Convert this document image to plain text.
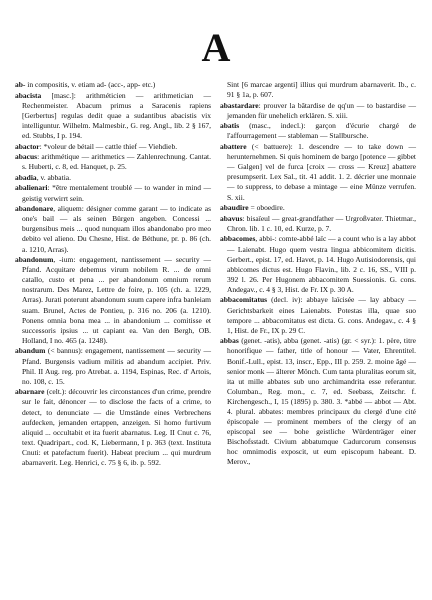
A

ab- in compositis, v. etiam ad- (acc-, app- etc.)

abacista [masc.]: arithméticien — arithmetician — Rechenmeister. Abacum primus a Saracenis rapiens [Gerbertus] regulas dedit quae a sudantibus abacistis vix intelliguntur. Wilhelm. Malmesbir., G. reg. Angl., lib. 2 § 167, ed. Stubbs, I p. 194.

abactor: *voleur de bétail — cattle thief — Viehdieb.

abacus: arithmétique — arithmetics — Zahlenrechnung. Cantat. s. Huberti, c. 8, ed. Hanquet, p. 25.

abadia, v. abbatia.

abalienari: *être mentalement troublé — to wander in mind — geistig verwirrt sein.

abandonare, aliquem: désigner comme garant — to indicate as one's bail — als seinen Bürgen angeben. Concessi ... burgensibus meis ... quod nunquam illos abandonabo pro meo debito vel alieno. Du Chesne, Hist. de Béthune, pr. p. 86 (ch. a. 1210, Arras).

abandonum, -ium: engagement, nantissement — security — Pfand. Acquitare debemus virum nobilem R. ... de omni catallo, custo et pena ... per abandonum omnium rerum nostrarum. Des Marez, Lettre de foire, p. 105 (ch. a. 1229, Arras). Jurati poterunt abandonum suum capere infra banleiam suam. Brunel, Actes de Pontieu, p. 316 no. 206 (a. 1210). Ponens omnia bona mea ... in abandonium ... comitisse et successoris ipsius ... ut capiant ea. Van den Bergh, OB. Holland, I no. 465 (a. 1248).

abandum (< bannus): engagement, nantissement — security — Pfand. Burgensis vadium militis ad abandum accipiet. Priv. Phil. II Aug. reg. pro Atrebat. a. 1194, Espinas, Rec. d' Artois, no. 108, c. 15.

abarnare (celt.): découvrir les circonstances d'un crime, prendre sur le fait, dénoncer — to disclose the facts of a crime, to detect, to denunciate — die Umstände eines Verbrechens aufdecken, jemanden ertappen, anzeigen. Si homo furtivum aliquid ... occultabit et ita fuerit abarnatus. Leg. II Cnut c. 76, text. Quadripart., cod. K, Liebermann, I p. 363 (text. Instituta Cnuti: et patefactum fuerit). Habeat precium ... qui murdrum abarnaverit. Leg. Henrici, c. 75 § 6, ib. p. 592.

Sint [6 marcae argenti] illius qui murdrum abarnaverit. Ib., c. 91 § 1a, p. 607.

abastardare: prouver la bâtardise de qq'un — to bastardise — jemanden für unehelich erklären. S. xiii.

abatis (masc., indecl.): garçon d'écurie chargé de l'affourragement — stableman — Stallbursche.

abattere (< battuere): 1. descendre — to take down — herunternehmen. Si quis hominem de bargo [potence — gibbet — Galgen] vel de furca [croix — cross — Kreuz] abattere presumpserit. Lex Sal., tit. 41 addit. 1. 2. décrier une monnaie — to suppress, to debase a mintage — eine Münze verrufen. S. xii.

abaudire = oboedire.

abavus: bisaïeul — great-grandfather — Urgroßvater. Thietmar., Chron. lib. 1 c. 10, ed. Kurze, p. 7.

abbacomes, abbi-: comte-abbé laïc — a count who is a lay abbot — Laienabt. Hugo quem vestra lingua abbicomitem dicitis. Gerbert., epist. 17, ed. Havet, p. 14. Hugo Autisiodorensis, qui abbicomes dictus est. Hugo Flavin., lib. 2 c. 16, SS., VIII p. 392 l. 26. Per Hugonem abbacomitem Suessionis. G. cons. Andegav., c. 4 § 3, Hist. de Fr. IX p. 30 A.

abbacomitatus (decl. iv): abbaye laïcisée — lay abbacy — Gerichtsbarkeit eines Laienabts. Potestas illa, quae suo tempore ... abbacomitatus est dicta. G. cons. Andegav., c. 4 § 1, Hist. de Fr., IX p. 29 C.

abbas (genet. -atis), abba (genet. -atis) (gr. < syr.): 1. père, titre honorifique — father, title of honour — Vater, Ehrentitel. Bonif.-Lull., epist. 13, inscr., Epp., III p. 259. 2. moine âgé — senior monk — älterer Mönch. Cum tanta pluralitas eorum sit, ita ut mille abbates sub uno archimandrita esse referantur. Columban., Reg. mon., c. 7, ed. Seebass, Zeitschr. f. Kirchengesch., I, 15 (1895) p. 380. 3. *abbé — abbot — Abt. 4. plural. abbates: membres principaux du clergé d'une cité épiscopale — prominent members of the clergy of an episcopal see — bohe geistliche Würdenträger einer Bischofsstadt. Civium abbatumque Cadurcorum consensus hoc omnimodis exposcit, ut eum episcopum habeant. D. Merov.,
